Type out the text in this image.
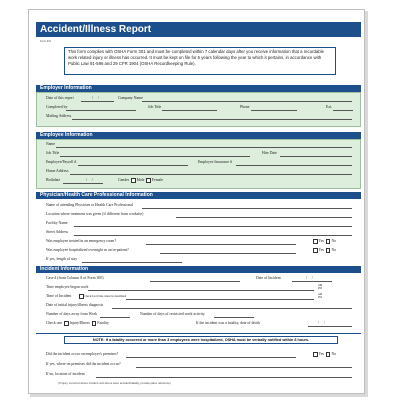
Accident/Illness Report
Form 301
This form complies with OSHA Form 301 and must be completed within 7 calendar days after you receive information that a recordable work related injury or illness has occurred. It must be kept on file for 5 years following the year to which it pertains, in accordance with Public Law 91-596 and 29 CFR 1904 (OSHA Recordkeeping Rule).
Employer Information
Date of this report	/     /	Company Name
Completed by	Job Title	Phone	Ext.
Mailing Address
Employee Information
Name
Job Title	Hire Date
Employee/Payroll #	Employee Insurance #
Home Address
Birthdate	/     /	Gender Male Female
Physician/Health Care Professional Information
Name of attending Physician or Health Care Professional
Location where treatment was given (if different from worksite)
Facility Name
Street Address
Was employee treated in an emergency room?	Yes No
Was employee hospitalized overnight as an in-patient?	Yes No
If yes, length of stay
Incident Information
Case # (from Column A of Form 300)	Date of Incident	/     /
Time employee began work	AM
PM
Time of Incident	Check box if time cannot be determined
AM
PM
Date of initial injury/illness diagnosis
Number of days away from Work	Number of days of restricted work activity
Check one Injury/Illness Fatality	If the incident was a fatality, date of death	/     /
NOTE: If a fatality occurred or more than 3 employees were hospitalized, OSHA must be verbally notified within 8 hours.
Did the incident occur on employer's premises?	Yes No
If yes, where on premises did the incident occur?
If no, location of incident
(If injury occurred where incident and where were accident/fatality, provide place reference)
